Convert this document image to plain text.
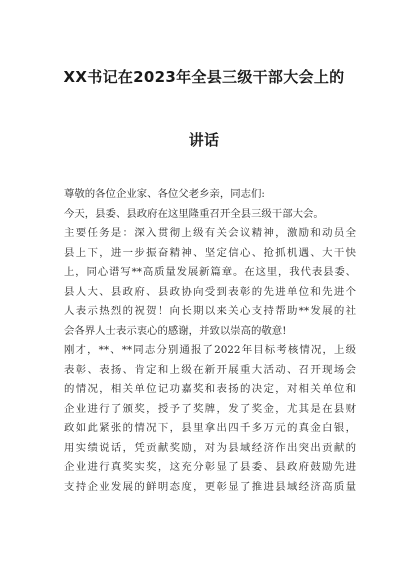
XX书记在2023年全县三级干部大会上的
讲话
尊敬的各位企业家、各位父老乡亲，同志们:
今天，县委、县政府在这里隆重召开全县三级干部大会。
主要任务是：深入贯彻上级有关会议精神，激励和动员全
县上下，进一步振奋精神、坚定信心、抢抓机遇、大干快
上，同心谱写**高质量发展新篇章。在这里，我代表县委、
县人大、县政府、县政协向受到表彰的先进单位和先进个
人表示热烈的祝贺！向长期以来关心支持帮助**发展的社
会各界人士表示衷心的感谢，并致以崇高的敬意!
刚才，**、**同志分别通报了2022年目标考核情况，上级
表彰、表扬、肯定和上级在新开展重大活动、召开现场会
的情况，相关单位记功嘉奖和表扬的决定，对相关单位和
企业进行了颁奖，授予了奖牌，发了奖金，尤其是在县财
政如此紧张的情况下，县里拿出四千多万元的真金白银，
用实绩说话，凭贡献奖励，对为县域经济作出突出贡献的
企业进行真奖实奖，这充分彰显了县委、县政府鼓励先进
支持企业发展的鲜明态度，更彰显了推进县域经济高质量
